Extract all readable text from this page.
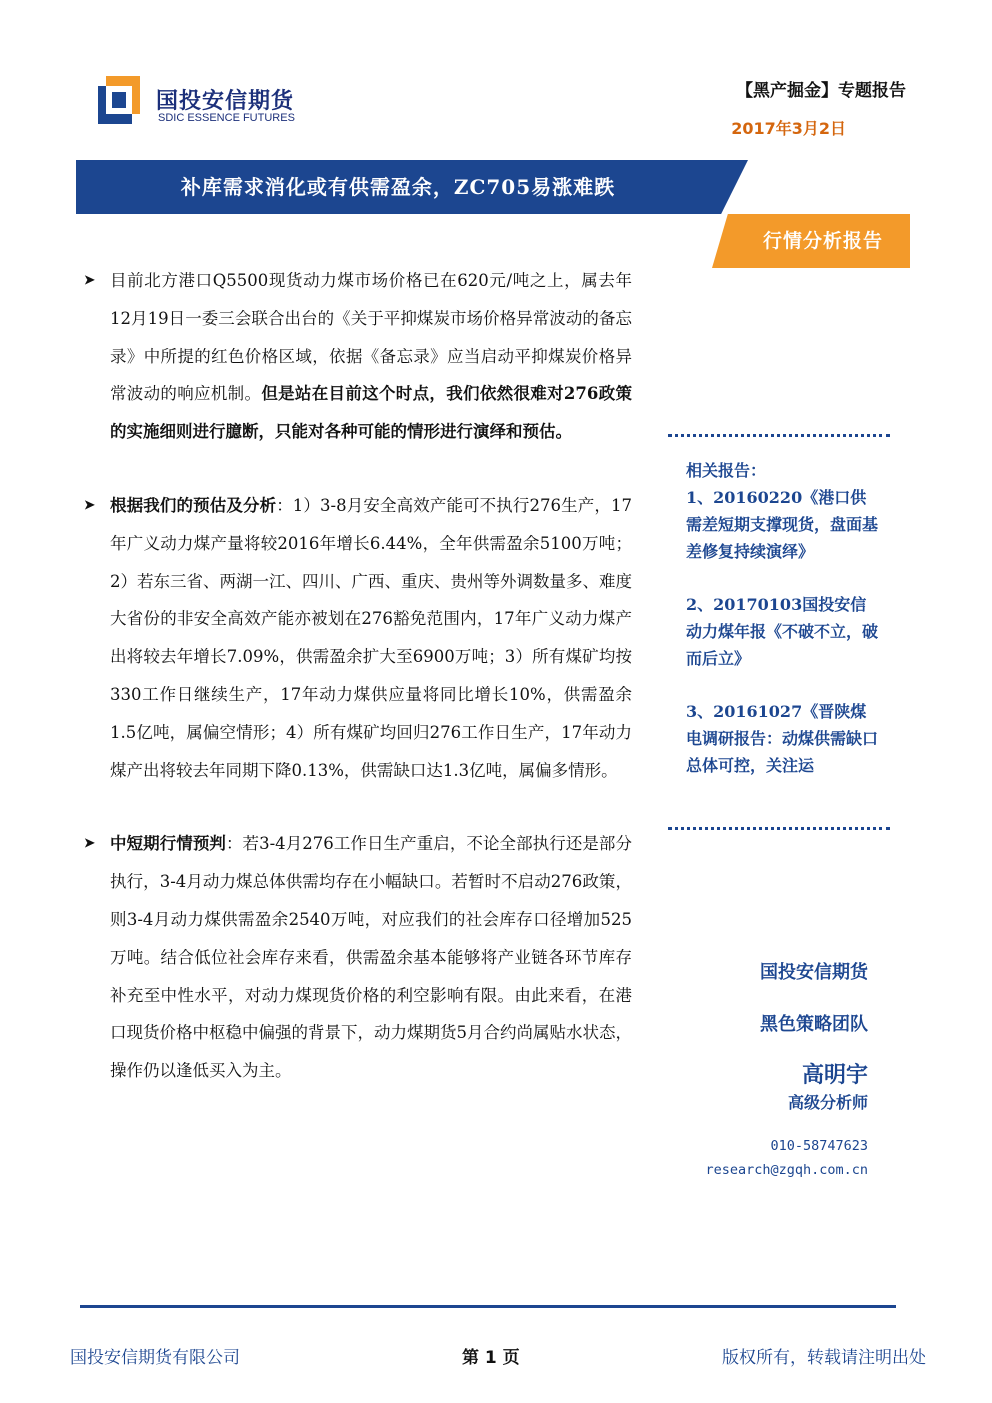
国投安信期货
SDIC ESSENCE FUTURES
【黑产掘金】专题报告
2017年3月2日
补库需求消化或有供需盈余，ZC705易涨难跌
行情分析报告
➤ 目前北方港口Q5500现货动力煤市场价格已在620元/吨之上，属去年12月19日一委三会联合出台的《关于平抑煤炭市场价格异常波动的备忘录》中所提的红色价格区域，依据《备忘录》应当启动平抑煤炭价格异常波动的响应机制。但是站在目前这个时点，我们依然很难对276政策的实施细则进行臆断，只能对各种可能的情形进行演绎和预估。
➤ 根据我们的预估及分析：1）3-8月安全高效产能可不执行276生产，17年广义动力煤产量将较2016年增长6.44%，全年供需盈余5100万吨；2）若东三省、两湖一江、四川、广西、重庆、贵州等外调数量多、难度大省份的非安全高效产能亦被划在276豁免范围内，17年广义动力煤产出将较去年增长7.09%，供需盈余扩大至6900万吨；3）所有煤矿均按330工作日继续生产，17年动力煤供应量将同比增长10%，供需盈余1.5亿吨，属偏空情形；4）所有煤矿均回归276工作日生产，17年动力煤产出将较去年同期下降0.13%，供需缺口达1.3亿吨，属偏多情形。
➤ 中短期行情预判：若3-4月276工作日生产重启，不论全部执行还是部分执行，3-4月动力煤总体供需均存在小幅缺口。若暂时不启动276政策，则3-4月动力煤供需盈余2540万吨，对应我们的社会库存口径增加525万吨。结合低位社会库存来看，供需盈余基本能够将产业链各环节库存补充至中性水平，对动力煤现货价格的利空影响有限。由此来看，在港口现货价格中枢稳中偏强的背景下，动力煤期货5月合约尚属贴水状态，操作仍以逢低买入为主。
相关报告：
1、20160220《港口供需差短期支撑现货，盘面基差修复持续演绎》
2、20170103国投安信动力煤年报《不破不立，破而后立》
3、20161027《晋陕煤电调研报告：动煤供需缺口总体可控，关注运
国投安信期货
黑色策略团队
高明宇
高级分析师
010-58747623
research@zgqh.com.cn
国投安信期货有限公司	第 1 页	版权所有，转载请注明出处
